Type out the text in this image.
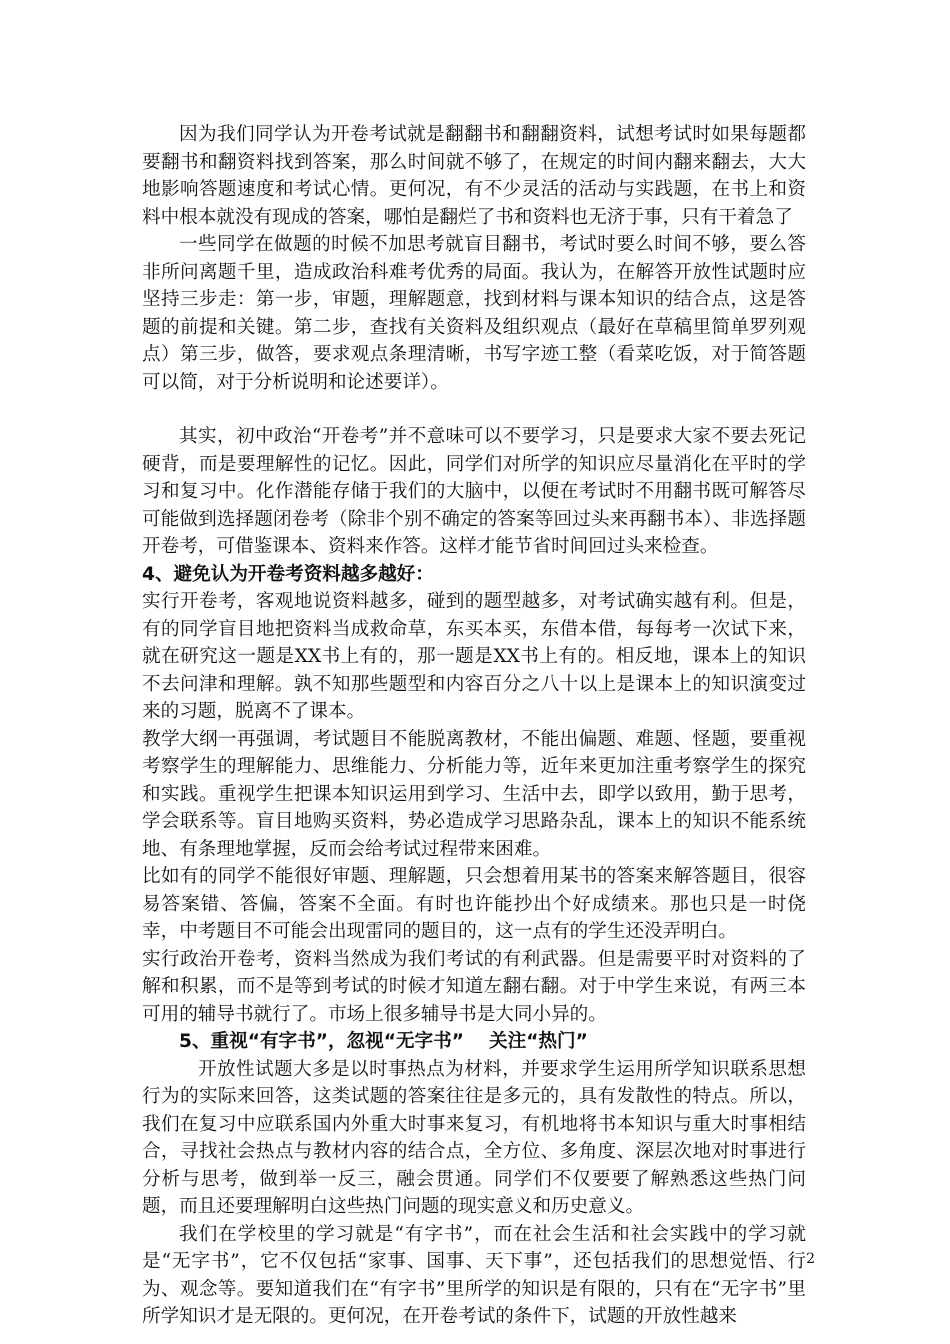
因为我们同学认为开卷考试就是翻翻书和翻翻资料，试想考试时如果每题都要翻书和翻资料找到答案，那么时间就不够了，在规定的时间内翻来翻去，大大地影响答题速度和考试心情。更何况，有不少灵活的活动与实践题，在书上和资料中根本就没有现成的答案，哪怕是翻烂了书和资料也无济于事，只有干着急了

一些同学在做题的时候不加思考就盲目翻书，考试时要么时间不够，要么答非所问离题千里，造成政治科难考优秀的局面。我认为，在解答开放性试题时应坚持三步走：第一步，审题，理解题意，找到材料与课本知识的结合点，这是答题的前提和关键。第二步，查找有关资料及组织观点（最好在草稿里简单罗列观点）第三步，做答，要求观点条理清晰，书写字迹工整（看菜吃饭，对于简答题可以简，对于分析说明和论述要详）。

其实，初中政治“开卷考”并不意味可以不要学习，只是要求大家不要去死记硬背，而是要理解性的记忆。因此，同学们对所学的知识应尽量消化在平时的学习和复习中。化作潜能存储于我们的大脑中，以便在考试时不用翻书既可解答尽可能做到选择题闭卷考（除非个别不确定的答案等回过头来再翻书本）、非选择题开卷考，可借鉴课本、资料来作答。这样才能节省时间回过头来检查。

4、避免认为开卷考资料越多越好：

实行开卷考，客观地说资料越多，碰到的题型越多，对考试确实越有利。但是，有的同学盲目地把资料当成救命草，东买本买，东借本借，每每考一次试下来，就在研究这一题是XX书上有的，那一题是XX书上有的。相反地，课本上的知识不去问津和理解。孰不知那些题型和内容百分之八十以上是课本上的知识演变过来的习题，脱离不了课本。

教学大纲一再强调，考试题目不能脱离教材，不能出偏题、难题、怪题，要重视考察学生的理解能力、思维能力、分析能力等，近年来更加注重考察学生的探究和实践。重视学生把课本知识运用到学习、生活中去，即学以致用，勤于思考，学会联系等。盲目地购买资料，势必造成学习思路杂乱，课本上的知识不能系统地、有条理地掌握，反而会给考试过程带来困难。

比如有的同学不能很好审题、理解题，只会想着用某书的答案来解答题目，很容易答案错、答偏，答案不全面。有时也许能抄出个好成绩来。那也只是一时侥幸，中考题目不可能会出现雷同的题目的，这一点有的学生还没弄明白。

实行政治开卷考，资料当然成为我们考试的有利武器。但是需要平时对资料的了解和积累，而不是等到考试的时候才知道左翻右翻。对于中学生来说，有两三本可用的辅导书就行了。市场上很多辅导书是大同小异的。

5、重视“有字书”，忽视“无字书”　 关注“热门”

开放性试题大多是以时事热点为材料，并要求学生运用所学知识联系思想行为的实际来回答，这类试题的答案往往是多元的，具有发散性的特点。所以，我们在复习中应联系国内外重大时事来复习，有机地将书本知识与重大时事相结合，寻找社会热点与教材内容的结合点，全方位、多角度、深层次地对时事进行分析与思考，做到举一反三，融会贯通。同学们不仅要要了解熟悉这些热门问题，而且还要理解明白这些热门问题的现实意义和历史意义。

我们在学校里的学习就是“有字书”，而在社会生活和社会实践中的学习就是“无字书”，它不仅包括“家事、国事、天下事”，还包括我们的思想觉悟、行为、观念等。要知道我们在“有字书”里所学的知识是有限的，只有在“无字书”里所学知识才是无限的。更何况，在开卷考试的条件下，试题的开放性越来

2
